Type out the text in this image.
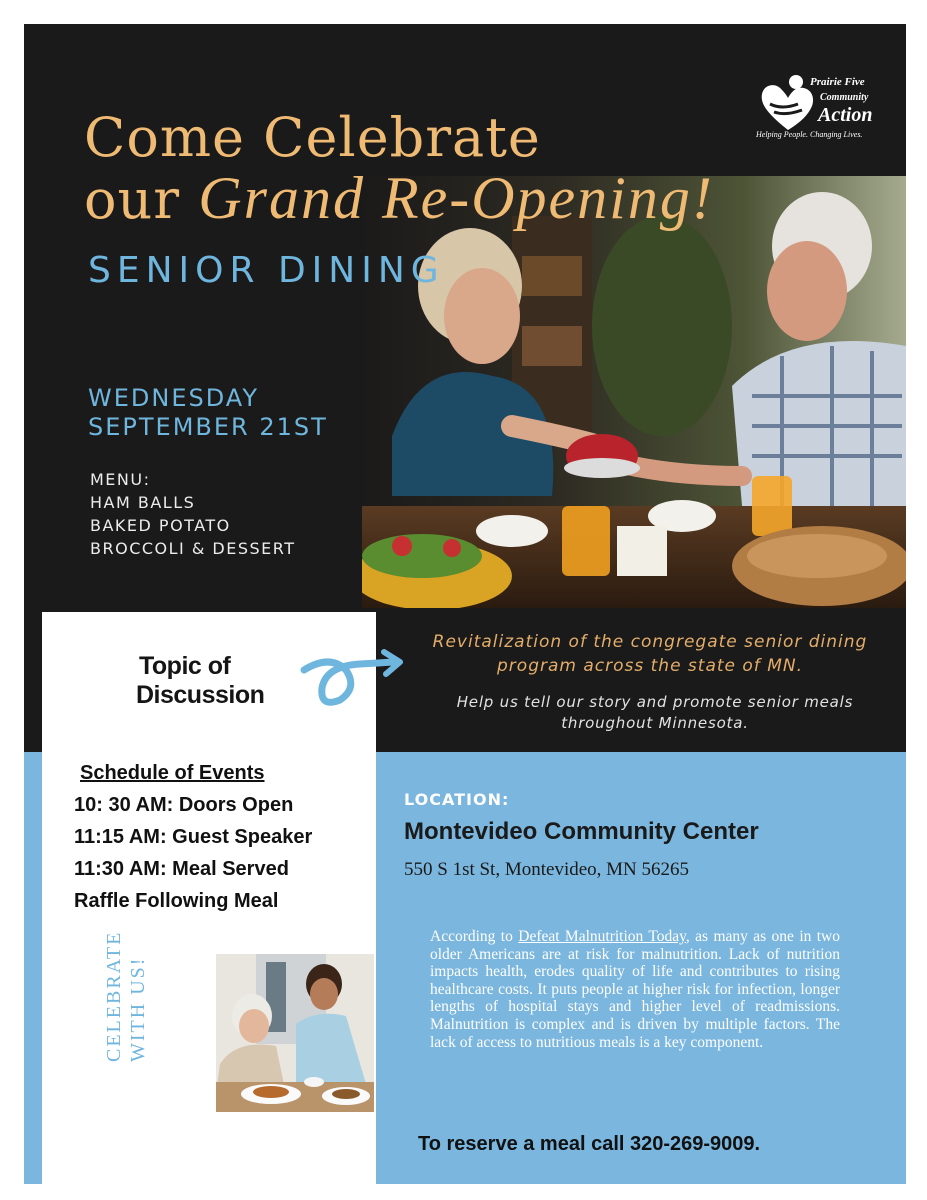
Prairie Five
Community
Action
Helping People. Changing Lives.
Come Celebrate
our Grand Re-Opening!
SENIOR DINING
WEDNESDAY
SEPTEMBER 21ST
MENU:
HAM BALLS
BAKED POTATO
BROCCOLI & DESSERT
Topic of
Discussion
Revitalization of the congregate senior dining program across the state of MN.
Help us tell our story and promote senior meals throughout Minnesota.
Schedule of Events
10: 30 AM: Doors Open
11:15 AM: Guest Speaker
11:30 AM: Meal Served
Raffle Following Meal
LOCATION:
Montevideo Community Center
550 S 1st St, Montevideo, MN 56265
According to Defeat Malnutrition Today, as many as one in two older Americans are at risk for malnutrition. Lack of nutrition impacts health, erodes quality of life and contributes to rising healthcare costs. It puts people at higher risk for infection, longer lengths of hospital stays and higher level of readmissions. Malnutrition is complex and is driven by multiple factors. The lack of access to nutritious meals is a key component.
To reserve a meal call 320-269-9009.
CELEBRATE WITH US!
